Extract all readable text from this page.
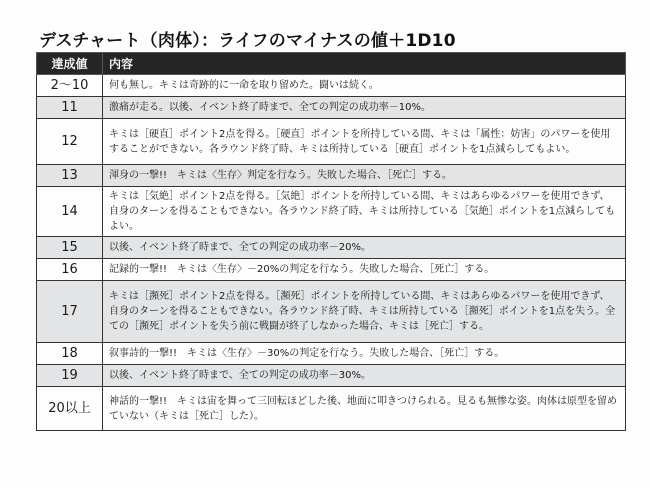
デスチャート（肉体）：ライフのマイナスの値＋1D10
達成値	内容
2～10	何も無し。キミは奇跡的に一命を取り留めた。闘いは続く。
11	激痛が走る。以後、イベント終了時まで、全ての判定の成功率－10%。
12	キミは［硬直］ポイント2点を得る。［硬直］ポイントを所持している間、キミは「属性：妨害」のパワーを使用することができない。各ラウンド終了時、キミは所持している［硬直］ポイントを1点減らしてもよい。
13	渾身の一撃!!　キミは〈生存〉判定を行なう。失敗した場合、［死亡］する。
14	キミは［気絶］ポイント2点を得る。［気絶］ポイントを所持している間、キミはあらゆるパワーを使用できず、自身のターンを得ることもできない。各ラウンド終了時、キミは所持している［気絶］ポイントを1点減らしてもよい。
15	以後、イベント終了時まで、全ての判定の成功率－20%。
16	記録的一撃!!　キミは〈生存〉－20%の判定を行なう。失敗した場合、［死亡］する。
17	キミは［瀕死］ポイント2点を得る。［瀕死］ポイントを所持している間、キミはあらゆるパワーを使用できず、自身のターンを得ることもできない。各ラウンド終了時、キミは所持している［瀕死］ポイントを1点を失う。全ての［瀕死］ポイントを失う前に戦闘が終了しなかった場合、キミは［死亡］する。
18	叙事詩的一撃!!　キミは〈生存〉－30%の判定を行なう。失敗した場合、［死亡］する。
19	以後、イベント終了時まで、全ての判定の成功率－30%。
20以上	神話的一撃!!　キミは宙を舞って三回転ほどした後、地面に叩きつけられる。見るも無惨な姿。肉体は原型を留めていない（キミは［死亡］した）。
